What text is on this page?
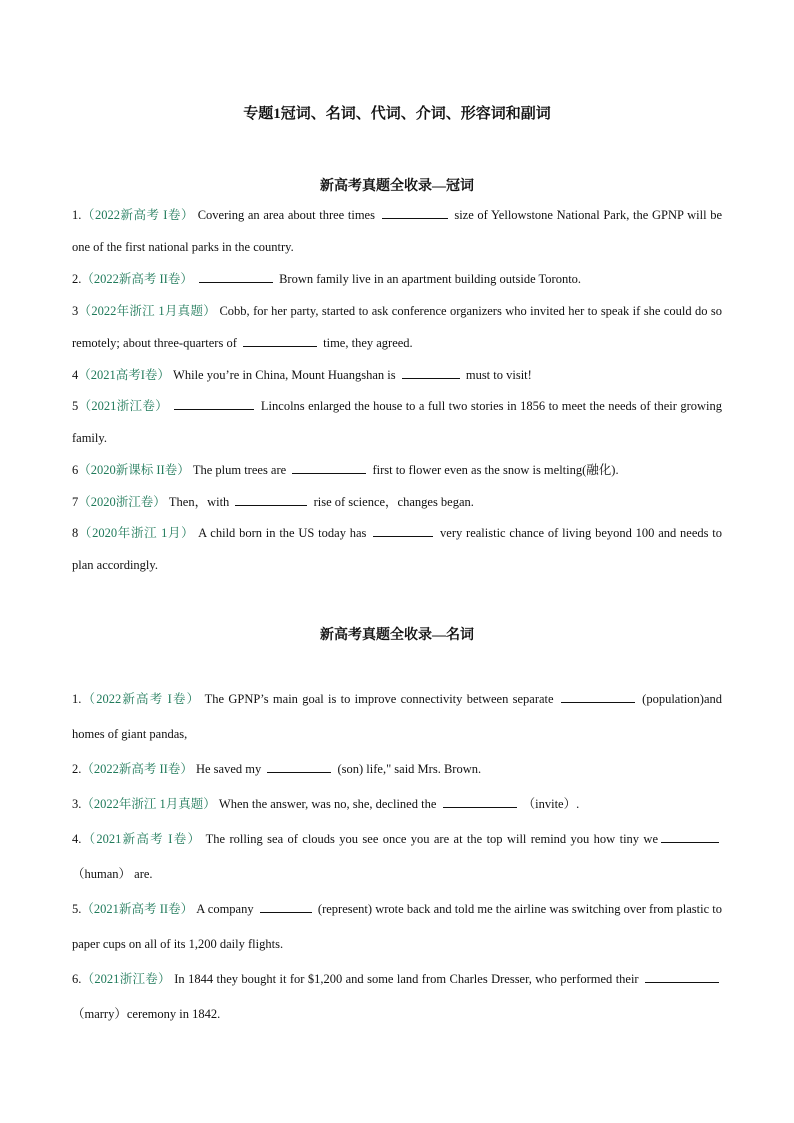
专题1冠词、名词、代词、介词、形容词和副词
新高考真题全收录—冠词

1.（2022新高考 I卷） Covering an area about three times	size of Yellowstone National Park, the GPNP will be one of the first national parks in the country.

2.（2022新高考 II卷）	Brown family live in an apartment building outside Toronto.

3（2022年浙江 1月真题） Cobb, for her party, started to ask conference organizers who invited her to speak if she could do so remotely; about three-quarters of	time, they agreed.

4（2021高考I卷） While you’re in China, Mount Huangshan is	must to visit!

5（2021浙江卷）	Lincolns enlarged the house to a full two stories in 1856 to meet the needs of their growing family.

6（2020新课标 II卷） The plum trees are	first to flower even as the snow is melting(融化).

7（2020浙江卷） Then，with	rise of science，changes began.

8（2020年浙江 1月） A child born in the US today has	very realistic chance of living beyond 100 and needs to plan accordingly.

新高考真题全收录—名词

1.（2022新高考 I卷） The GPNP’s main goal is to improve connectivity between separate	(population)and homes of giant pandas,

2.（2022新高考 II卷） He saved my	(son) life," said Mrs. Brown.

3.（2022年浙江 1月真题） When the answer, was no, she, declined the	（invite）.

4.（2021新高考 I卷） The rolling sea of clouds you see once you are at the top will remind you how tiny we（human） are.

5.（2021新高考 II卷） A company	(represent) wrote back and told me the airline was switching over from plastic to paper cups on all of its 1,200 daily flights.

6.（2021浙江卷） In 1844 they bought it for $1,200 and some land from Charles Dresser, who performed their  （marry）ceremony in 1842.
